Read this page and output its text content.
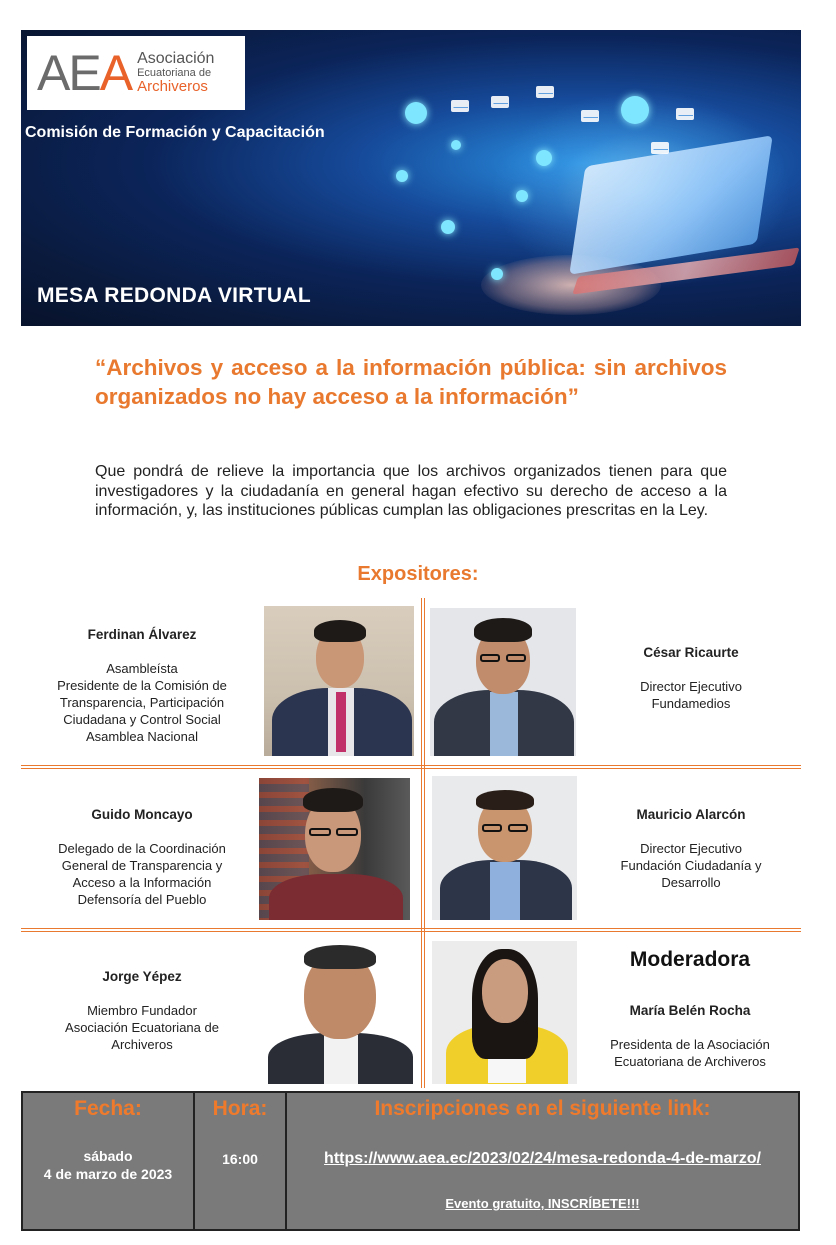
AEA Asociación
Ecuatoriana de
Archiveros
Comisión de Formación y Capacitación
MESA REDONDA VIRTUAL
“Archivos y acceso a la información pública: sin archivos organizados no hay acceso a la información”
Que pondrá de relieve la importancia que los archivos organizados tienen para que investigadores y la ciudadanía en general hagan efectivo su derecho de acceso a la información, y, las instituciones públicas cumplan las obligaciones prescritas en la Ley.
Expositores:
Ferdinan Álvarez
Asambleísta
Presidente de la Comisión de
Transparencia, Participación
Ciudadana y Control Social
Asamblea Nacional
César Ricaurte
Director Ejecutivo
Fundamedios
Guido Moncayo
Delegado de la Coordinación
General de Transparencia y
Acceso a la Información
Defensoría del Pueblo
Mauricio Alarcón
Director Ejecutivo
Fundación Ciudadanía y
Desarrollo
Jorge Yépez
Miembro Fundador
Asociación Ecuatoriana de
Archiveros
Moderadora
María Belén Rocha
Presidenta de la Asociación
Ecuatoriana de Archiveros
Fecha:
sábado
4 de marzo de 2023
Hora:
16:00
Inscripciones en el siguiente link:
https://www.aea.ec/2023/02/24/mesa-redonda-4-de-marzo/
Evento gratuito, INSCRÍBETE!!!
